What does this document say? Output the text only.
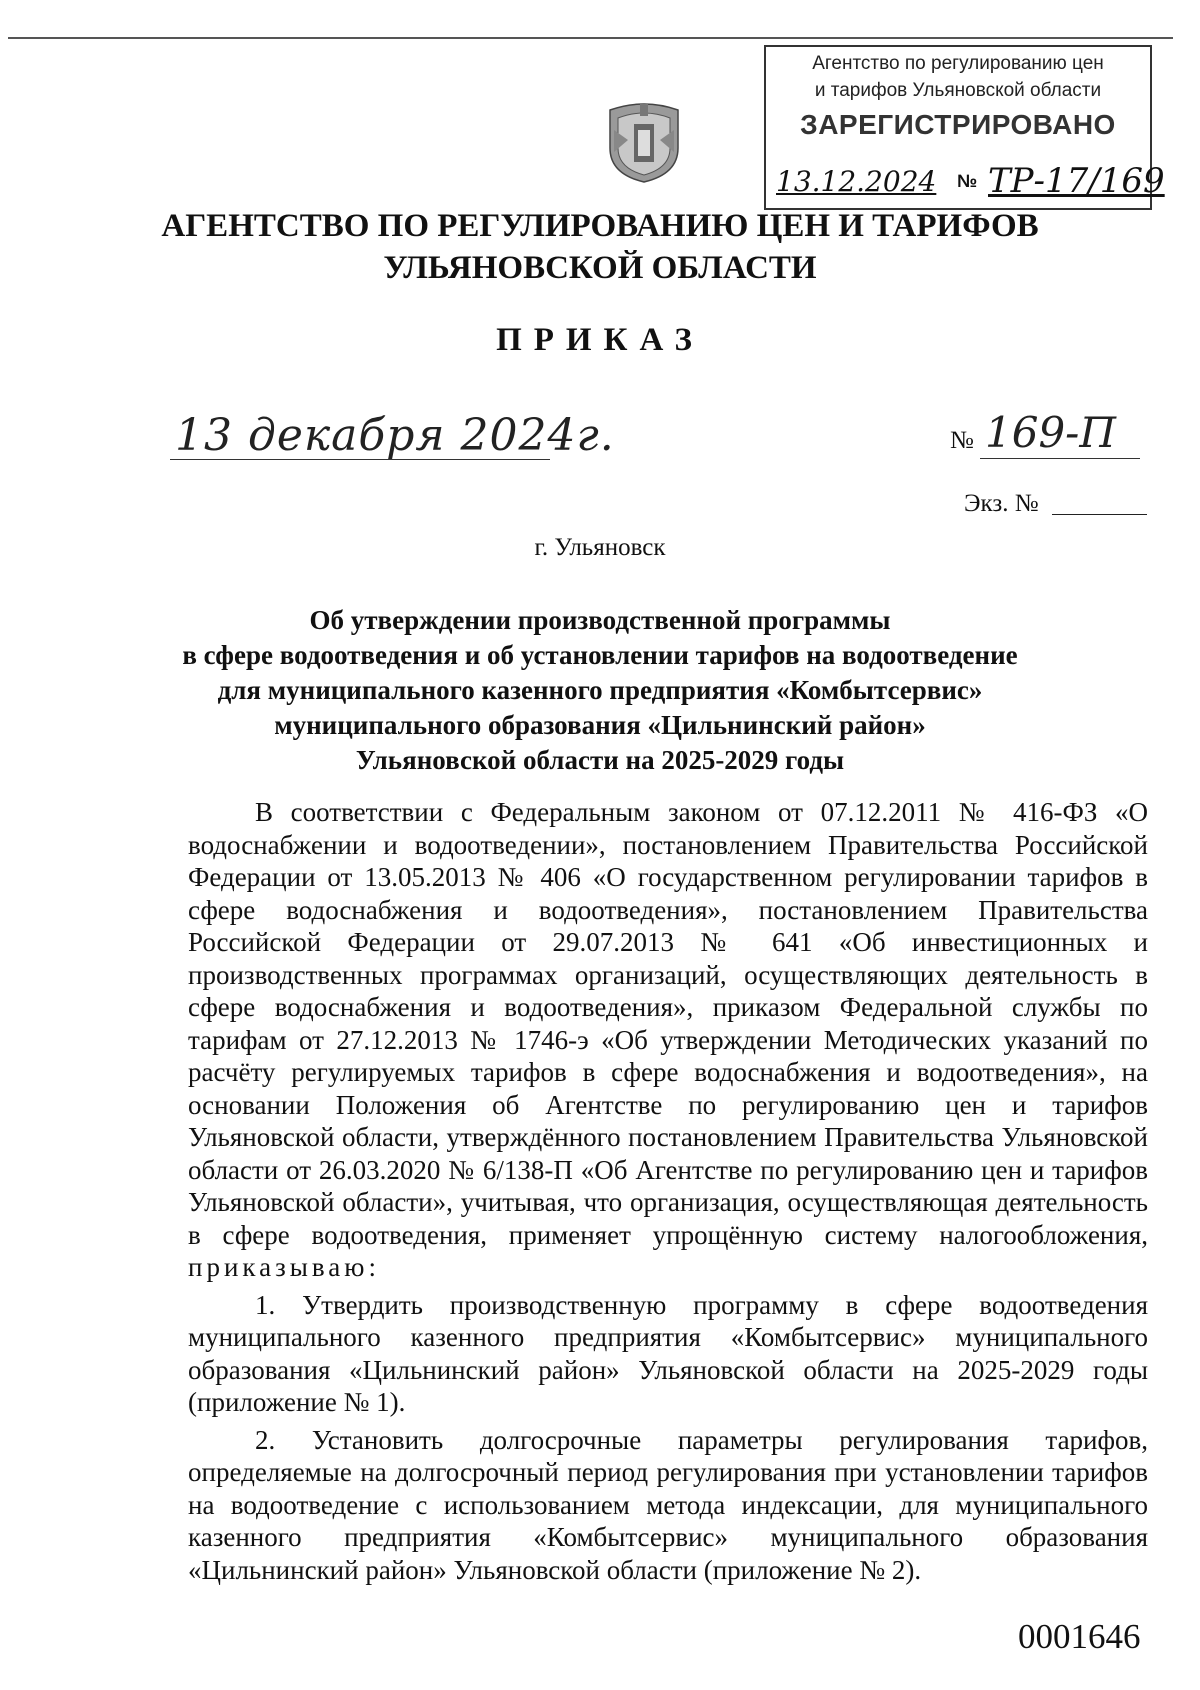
Агентство по регулированию цен
и тарифов Ульяновской области
ЗАРЕГИСТРИРОВАНО
13.12.2024 № ТР-17/169
АГЕНТСТВО ПО РЕГУЛИРОВАНИЮ ЦЕН И ТАРИФОВ
УЛЬЯНОВСКОЙ ОБЛАСТИ
ПРИКАЗ
13 декабря 2024г.	№ 169-П
Экз. №
г. Ульяновск
Об утверждении производственной программы
в сфере водоотведения и об установлении тарифов на водоотведение
для муниципального казенного предприятия «Комбытсервис»
муниципального образования «Цильнинский район»
Ульяновской области на 2025-2029 годы

В соответствии с Федеральным законом от 07.12.2011 № 416-ФЗ «О водоснабжении и водоотведении», постановлением Правительства Российской Федерации от 13.05.2013 № 406 «О государственном регулировании тарифов в сфере водоснабжения и водоотведения», постановлением Правительства Российской Федерации от 29.07.2013 № 641 «Об инвестиционных и производственных программах организаций, осуществляющих деятельность в сфере водоснабжения и водоотведения», приказом Федеральной службы по тарифам от 27.12.2013 № 1746-э «Об утверждении Методических указаний по расчёту регулируемых тарифов в сфере водоснабжения и водоотведения», на основании Положения об Агентстве по регулированию цен и тарифов Ульяновской области, утверждённого постановлением Правительства Ульяновской области от 26.03.2020 № 6/138-П «Об Агентстве по регулированию цен и тарифов Ульяновской области», учитывая, что организация, осуществляющая деятельность в сфере водоотведения, применяет упрощённую систему налогообложения, приказываю:

1. Утвердить производственную программу в сфере водоотведения муниципального казенного предприятия «Комбытсервис» муниципального образования «Цильнинский район» Ульяновской области на 2025-2029 годы (приложение № 1).

2. Установить долгосрочные параметры регулирования тарифов, определяемые на долгосрочный период регулирования при установлении тарифов на водоотведение с использованием метода индексации, для муниципального казенного предприятия «Комбытсервис» муниципального образования «Цильнинский район» Ульяновской области (приложение № 2).

0001646
